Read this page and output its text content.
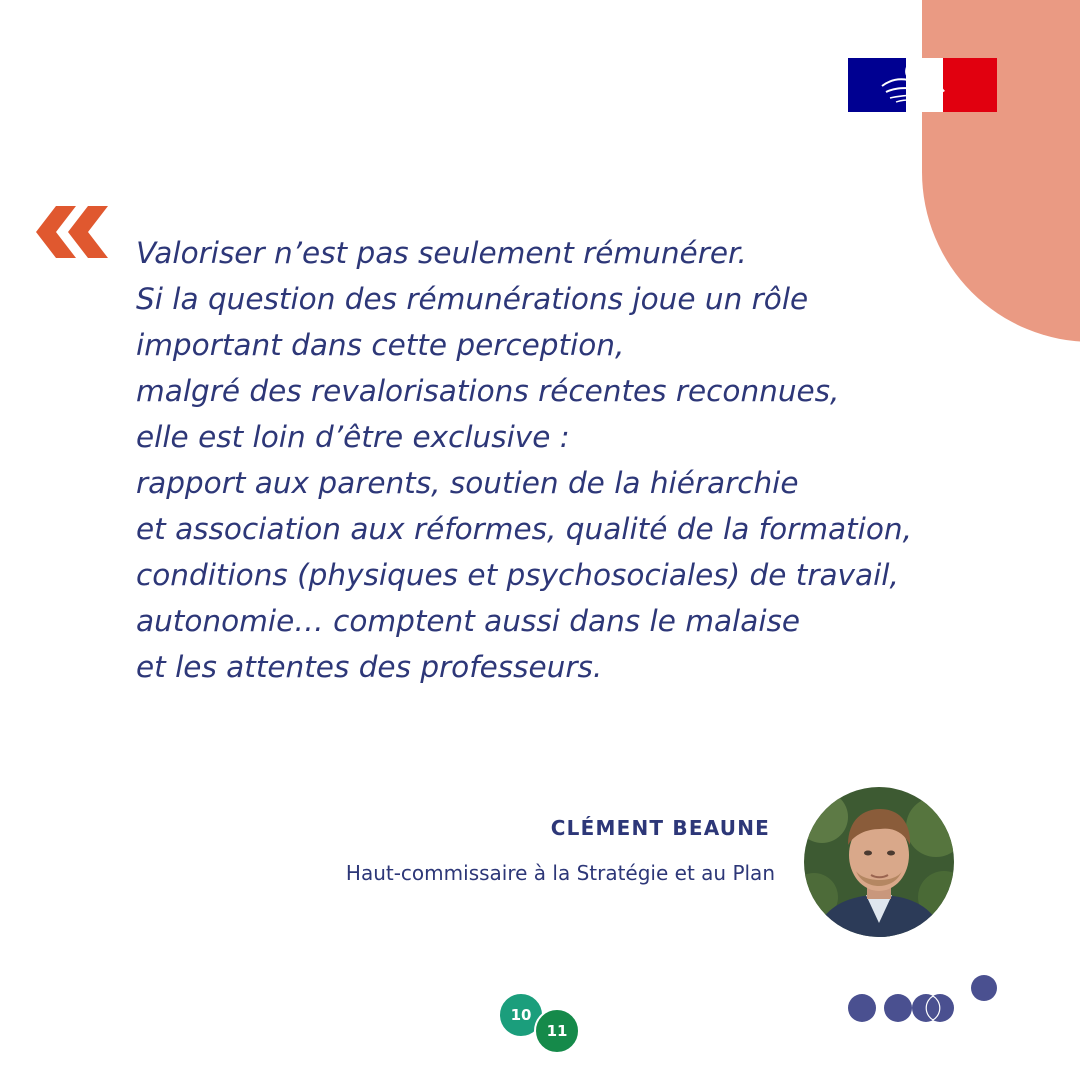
Valoriser n’est pas seulement rémunérer.
Si la question des rémunérations joue un rôle
important dans cette perception,
malgré des revalorisations récentes reconnues,
elle est loin d’être exclusive :
rapport aux parents, soutien de la hiérarchie
et association aux réformes, qualité de la formation,
conditions (physiques et psychosociales) de travail,
autonomie… comptent aussi dans le malaise
et les attentes des professeurs.
CLÉMENT BEAUNE
Haut-commissaire à la Stratégie et au Plan
10
11
